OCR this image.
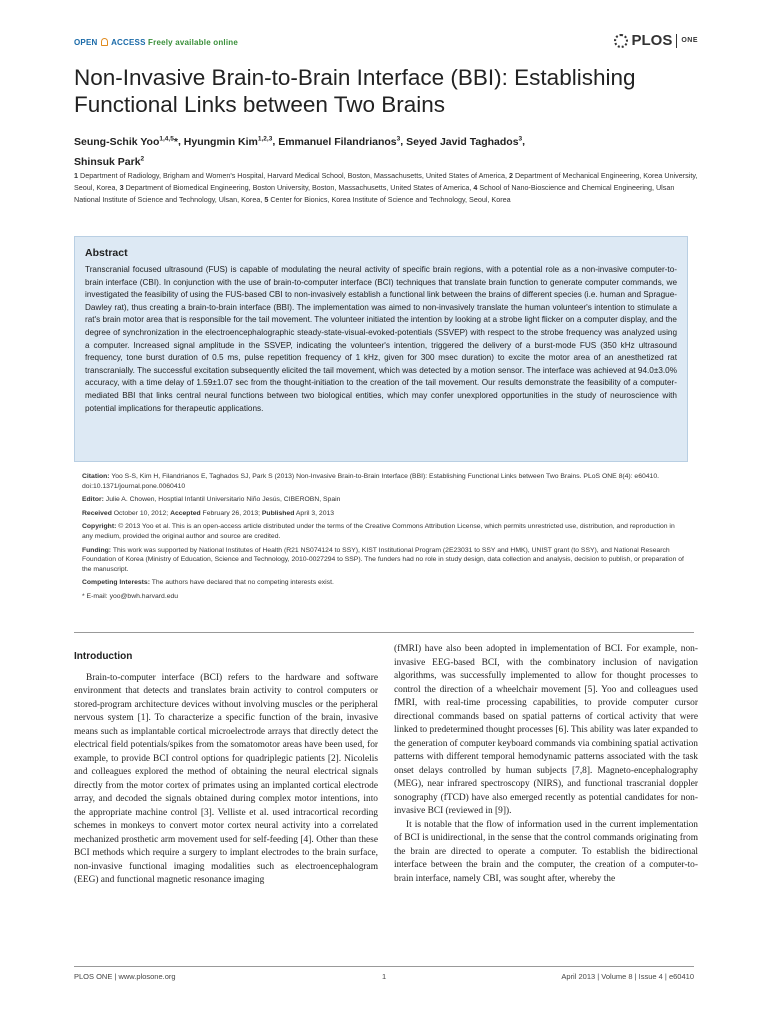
OPEN ACCESS Freely available online	PLOS ONE
Non-Invasive Brain-to-Brain Interface (BBI): Establishing Functional Links between Two Brains
Seung-Schik Yoo$^{1,4,5}$*, Hyungmin Kim$^{1,2,3}$, Emmanuel Filandrianos$^3$, Seyed Javid Taghados$^3$,
Shinsuk Park$^2$
1 Department of Radiology, Brigham and Women's Hospital, Harvard Medical School, Boston, Massachusetts, United States of America, 2 Department of Mechanical Engineering, Korea University, Seoul, Korea, 3 Department of Biomedical Engineering, Boston University, Boston, Massachusetts, United States of America, 4 School of Nano-Bioscience and Chemical Engineering, Ulsan National Institute of Science and Technology, Ulsan, Korea, 5 Center for Bionics, Korea Institute of Science and Technology, Seoul, Korea
Abstract

Transcranial focused ultrasound (FUS) is capable of modulating the neural activity of specific brain regions, with a potential role as a non-invasive computer-to-brain interface (CBI). In conjunction with the use of brain-to-computer interface (BCI) techniques that translate brain function to generate computer commands, we investigated the feasibility of using the FUS-based CBI to non-invasively establish a functional link between the brains of different species (i.e. human and Sprague-Dawley rat), thus creating a brain-to-brain interface (BBI). The implementation was aimed to non-invasively translate the human volunteer's intention to stimulate a rat's brain motor area that is responsible for the tail movement. The volunteer initiated the intention by looking at a strobe light flicker on a computer display, and the degree of synchronization in the electroencephalographic steady-state-visual-evoked-potentials (SSVEP) with respect to the strobe frequency was analyzed using a computer. Increased signal amplitude in the SSVEP, indicating the volunteer's intention, triggered the delivery of a burst-mode FUS (350 kHz ultrasound frequency, tone burst duration of 0.5 ms, pulse repetition frequency of 1 kHz, given for 300 msec duration) to excite the motor area of an anesthetized rat transcranially. The successful excitation subsequently elicited the tail movement, which was detected by a motion sensor. The interface was achieved at 94.0±3.0% accuracy, with a time delay of 1.59±1.07 sec from the thought-initiation to the creation of the tail movement. Our results demonstrate the feasibility of a computer-mediated BBI that links central neural functions between two biological entities, which may confer unexplored opportunities in the study of neuroscience with potential implications for therapeutic applications.

Citation: Yoo S-S, Kim H, Filandrianos E, Taghados SJ, Park S (2013) Non-Invasive Brain-to-Brain Interface (BBI): Establishing Functional Links between Two Brains. PLoS ONE 8(4): e60410. doi:10.1371/journal.pone.0060410

Editor: Julie A. Chowen, Hosptial Infantil Universitario Niño Jesús, CIBEROBN, Spain

Received October 10, 2012; Accepted February 26, 2013; Published April 3, 2013

Copyright: © 2013 Yoo et al. This is an open-access article distributed under the terms of the Creative Commons Attribution License, which permits unrestricted use, distribution, and reproduction in any medium, provided the original author and source are credited.

Funding: This work was supported by National Institutes of Health (R21 NS074124 to SSY), KIST Institutional Program (2E23031 to SSY and HMK), UNIST grant (to SSY), and National Research Foundation of Korea (Ministry of Education, Science and Technology, 2010-0027294 to SSP). The funders had no role in study design, data collection and analysis, decision to publish, or preparation of the manuscript.

Competing Interests: The authors have declared that no competing interests exist.

* E-mail: yoo@bwh.harvard.edu

Introduction

Brain-to-computer interface (BCI) refers to the hardware and software environment that detects and translates brain activity to control computers or stored-program architecture devices without involving muscles or the peripheral nervous system [1]. To characterize a specific function of the brain, invasive means such as implantable cortical microelectrode arrays that directly detect the electrical field potentials/spikes from the somatomotor areas have been used, for example, to provide BCI control options for quadriplegic patients [2]. Nicolelis and colleagues explored the method of obtaining the neural electrical signals directly from the motor cortex of primates using an implanted cortical electrode array, and decoded the signals obtained during complex motor intentions, into the appropriate machine control [3]. Velliste et al. used intracortical recording schemes in monkeys to convert motor cortex neural activity into a correlated mechanized prosthetic arm movement used for self-feeding [4]. Other than these BCI methods which require a surgery to implant electrodes to the brain surface, non-invasive functional imaging modalities such as electroencephalogram (EEG) and functional magnetic resonance imaging

(fMRI) have also been adopted in implementation of BCI. For example, non-invasive EEG-based BCI, with the combinatory inclusion of navigation algorithms, was successfully implemented to allow for thought processes to control the direction of a wheelchair movement [5]. Yoo and colleagues used fMRI, with real-time processing capabilities, to provide computer cursor directional commands based on spatial patterns of cortical activity that were linked to predetermined thought processes [6]. This ability was later expanded to the generation of computer keyboard commands via combining spatial activation patterns with different temporal hemodynamic patterns associated with the task onset delays controlled by human subjects [7,8]. Magneto-encephalography (MEG), near infrared spectroscopy (NIRS), and functional trascranial doppler sonography (fTCD) have also emerged recently as potential candidates for non-invasive BCI (reviewed in [9]).

It is notable that the flow of information used in the current implementation of BCI is unidirectional, in the sense that the control commands originating from the brain are directed to operate a computer. To establish the bidirectional interface between the brain and the computer, the creation of a computer-to-brain interface, namely CBI, was sought after, whereby the

PLOS ONE | www.plosone.org	1	April 2013 | Volume 8 | Issue 4 | e60410
